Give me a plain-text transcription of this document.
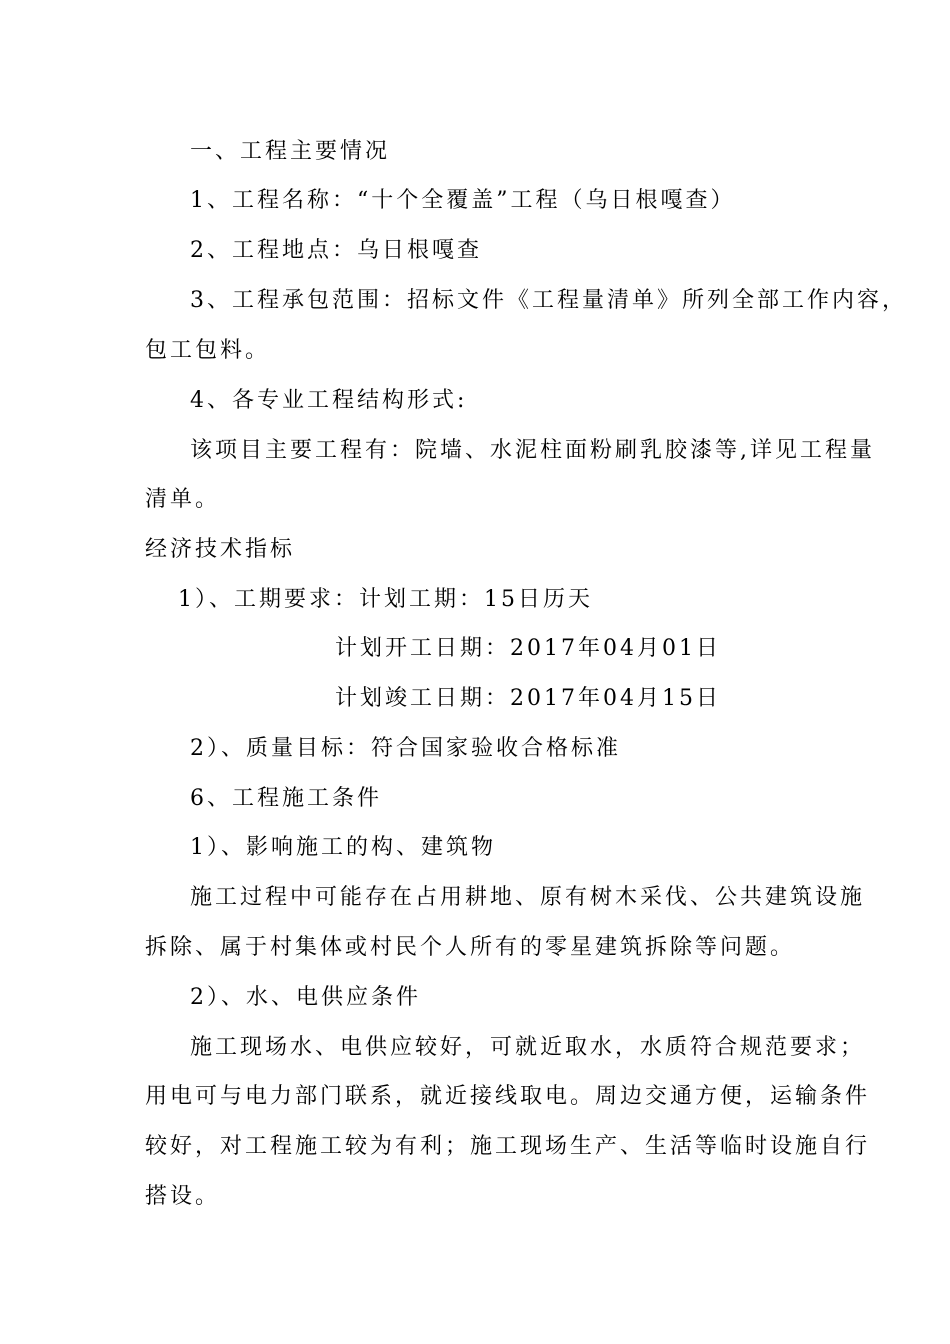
一、工程主要情况
1、工程名称：“十个全覆盖”工程（乌日根嘎查）
2、工程地点：乌日根嘎查
3、工程承包范围：招标文件《工程量清单》所列全部工作内容，
包工包料。
4、各专业工程结构形式:
该项目主要工程有：院墙、水泥柱面粉刷乳胶漆等,详见工程量
清单。
经济技术指标
1）、工期要求：计划工期：15日历天
计划开工日期：2017年04月01日
计划竣工日期：2017年04月15日
2）、质量目标：符合国家验收合格标准
6、工程施工条件
1）、影响施工的构、建筑物
施工过程中可能存在占用耕地、原有树木采伐、公共建筑设施
拆除、属于村集体或村民个人所有的零星建筑拆除等问题。
2）、水、电供应条件
施工现场水、电供应较好，可就近取水，水质符合规范要求；
用电可与电力部门联系，就近接线取电。周边交通方便，运输条件
较好，对工程施工较为有利；施工现场生产、生活等临时设施自行
搭设。
